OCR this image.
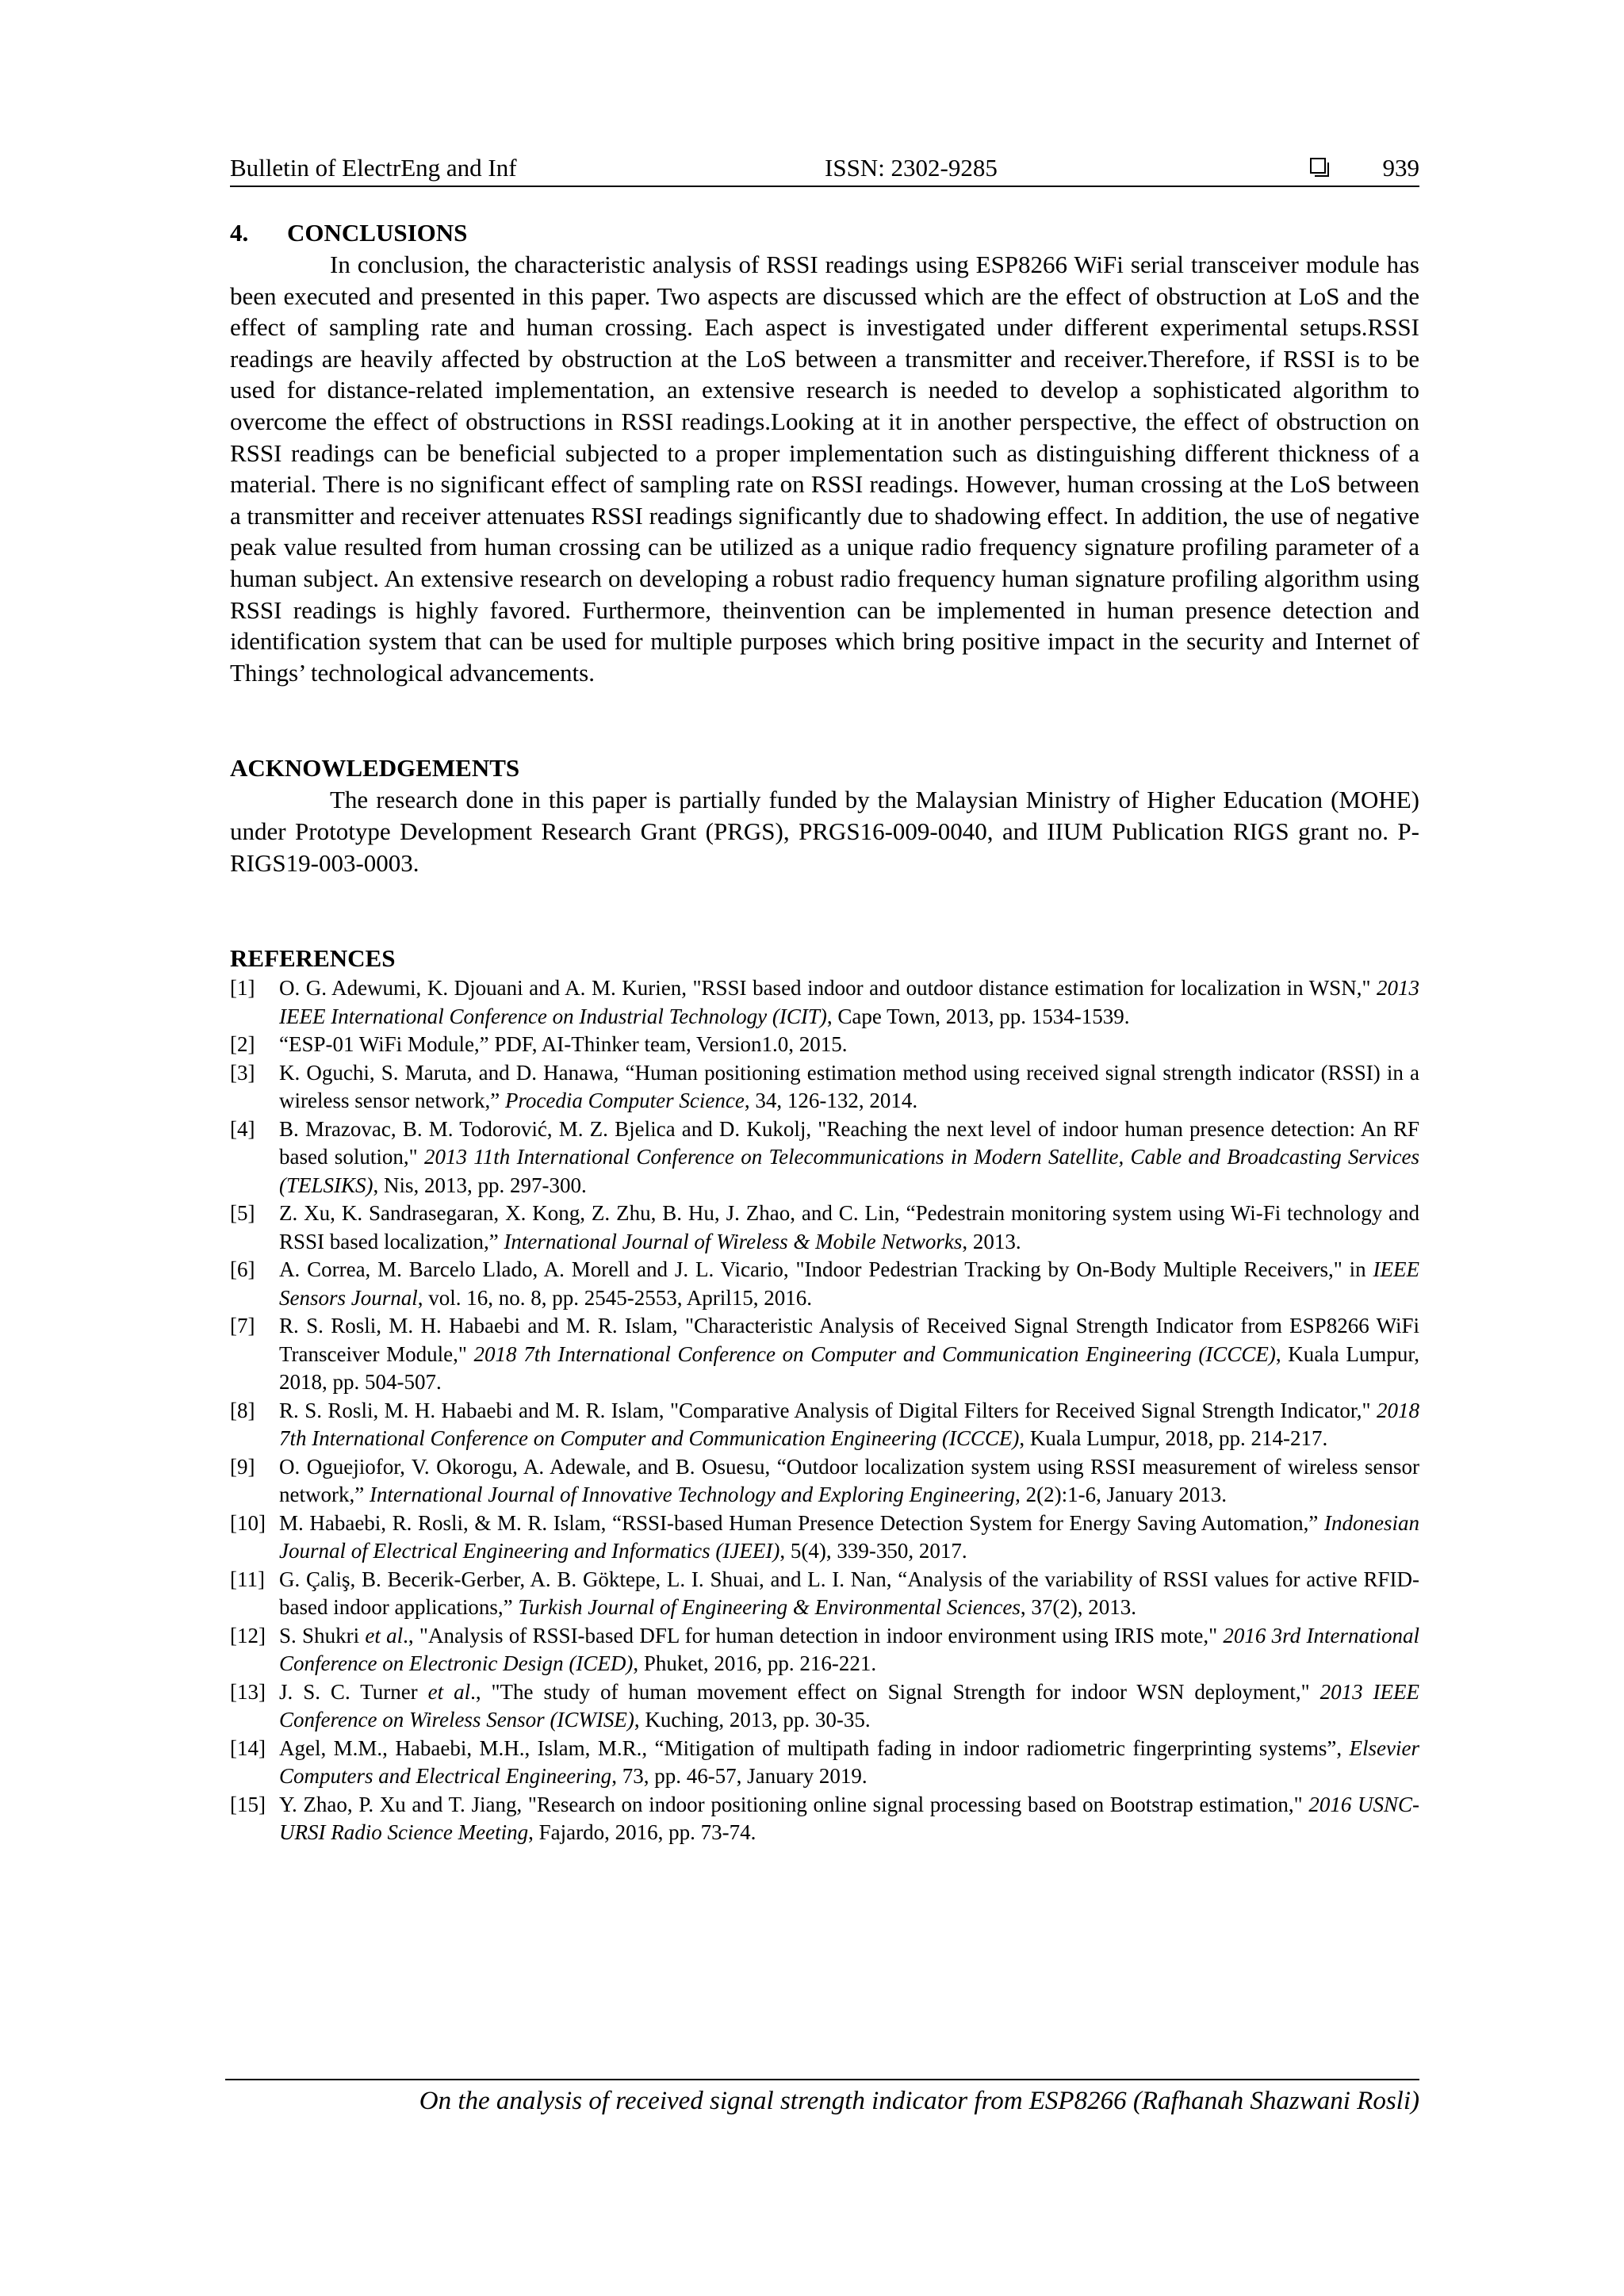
Bulletin of ElectrEng and Inf	ISSN: 2302-9285	939
4. CONCLUSIONS

In conclusion, the characteristic analysis of RSSI readings using ESP8266 WiFi serial transceiver module has been executed and presented in this paper. Two aspects are discussed which are the effect of obstruction at LoS and the effect of sampling rate and human crossing. Each aspect is investigated under different experimental setups.RSSI readings are heavily affected by obstruction at the LoS between a transmitter and receiver.Therefore, if RSSI is to be used for distance-related implementation, an extensive research is needed to develop a sophisticated algorithm to overcome the effect of obstructions in RSSI readings.Looking at it in another perspective, the effect of obstruction on RSSI readings can be beneficial subjected to a proper implementation such as distinguishing different thickness of a material. There is no significant effect of sampling rate on RSSI readings. However, human crossing at the LoS between a transmitter and receiver attenuates RSSI readings significantly due to shadowing effect. In addition, the use of negative peak value resulted from human crossing can be utilized as a unique radio frequency signature profiling parameter of a human subject. An extensive research on developing a robust radio frequency human signature profiling algorithm using RSSI readings is highly favored. Furthermore, theinvention can be implemented in human presence detection and identification system that can be used for multiple purposes which bring positive impact in the security and Internet of Things’ technological advancements.

ACKNOWLEDGEMENTS

The research done in this paper is partially funded by the Malaysian Ministry of Higher Education (MOHE) under Prototype Development Research Grant (PRGS), PRGS16-009-0040, and IIUM Publication RIGS grant no. P-RIGS19-003-0003.

REFERENCES
[1] O. G. Adewumi, K. Djouani and A. M. Kurien, "RSSI based indoor and outdoor distance estimation for localization in WSN," 2013 IEEE International Conference on Industrial Technology (ICIT), Cape Town, 2013, pp. 1534-1539.
[2] “ESP-01 WiFi Module,” PDF, AI-Thinker team, Version1.0, 2015.
[3] K. Oguchi, S. Maruta, and D. Hanawa, “Human positioning estimation method using received signal strength indicator (RSSI) in a wireless sensor network,” Procedia Computer Science, 34, 126-132, 2014.
[4] B. Mrazovac, B. M. Todorović, M. Z. Bjelica and D. Kukolj, "Reaching the next level of indoor human presence detection: An RF based solution," 2013 11th International Conference on Telecommunications in Modern Satellite, Cable and Broadcasting Services (TELSIKS), Nis, 2013, pp. 297-300.
[5] Z. Xu, K. Sandrasegaran, X. Kong, Z. Zhu, B. Hu, J. Zhao, and C. Lin, “Pedestrain monitoring system using Wi-Fi technology and RSSI based localization,” International Journal of Wireless & Mobile Networks, 2013.
[6] A. Correa, M. Barcelo Llado, A. Morell and J. L. Vicario, "Indoor Pedestrian Tracking by On-Body Multiple Receivers," in IEEE Sensors Journal, vol. 16, no. 8, pp. 2545-2553, April15, 2016.
[7] R. S. Rosli, M. H. Habaebi and M. R. Islam, "Characteristic Analysis of Received Signal Strength Indicator from ESP8266 WiFi Transceiver Module," 2018 7th International Conference on Computer and Communication Engineering (ICCCE), Kuala Lumpur, 2018, pp. 504-507.
[8] R. S. Rosli, M. H. Habaebi and M. R. Islam, "Comparative Analysis of Digital Filters for Received Signal Strength Indicator," 2018 7th International Conference on Computer and Communication Engineering (ICCCE), Kuala Lumpur, 2018, pp. 214-217.
[9] O. Oguejiofor, V. Okorogu, A. Adewale, and B. Osuesu, “Outdoor localization system using RSSI measurement of wireless sensor network,” International Journal of Innovative Technology and Exploring Engineering, 2(2):1-6, January 2013.
[10] M. Habaebi, R. Rosli, & M. R. Islam, “RSSI-based Human Presence Detection System for Energy Saving Automation,” Indonesian Journal of Electrical Engineering and Informatics (IJEEI), 5(4), 339-350, 2017.
[11] G. Çaliş, B. Becerik-Gerber, A. B. Göktepe, L. I. Shuai, and L. I. Nan, “Analysis of the variability of RSSI values for active RFID-based indoor applications,” Turkish Journal of Engineering & Environmental Sciences, 37(2), 2013.
[12] S. Shukri et al., "Analysis of RSSI-based DFL for human detection in indoor environment using IRIS mote," 2016 3rd International Conference on Electronic Design (ICED), Phuket, 2016, pp. 216-221.
[13] J. S. C. Turner et al., "The study of human movement effect on Signal Strength for indoor WSN deployment," 2013 IEEE Conference on Wireless Sensor (ICWISE), Kuching, 2013, pp. 30-35.
[14] Agel, M.M., Habaebi, M.H., Islam, M.R., “Mitigation of multipath fading in indoor radiometric fingerprinting systems”, Elsevier Computers and Electrical Engineering, 73, pp. 46-57, January 2019.
[15] Y. Zhao, P. Xu and T. Jiang, "Research on indoor positioning online signal processing based on Bootstrap estimation," 2016 USNC-URSI Radio Science Meeting, Fajardo, 2016, pp. 73-74.
On the analysis of received signal strength indicator from ESP8266 (Rafhanah Shazwani Rosli)
